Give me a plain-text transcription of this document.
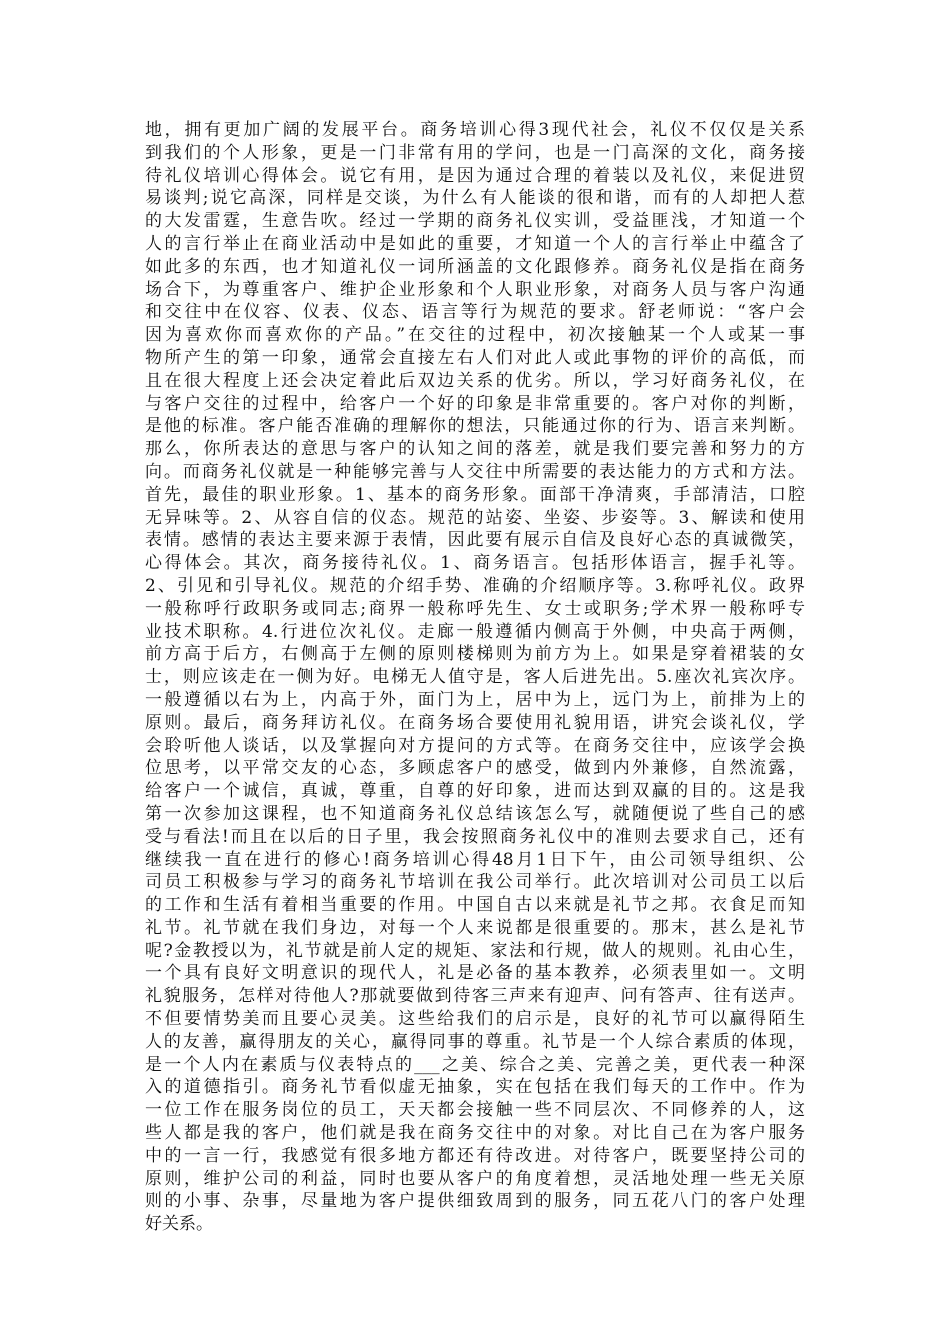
地，拥有更加广阔的发展平台。商务培训心得3现代社会，礼仪不仅仅是关系
到我们的个人形象，更是一门非常有用的学问，也是一门高深的文化，商务接
待礼仪培训心得体会。说它有用，是因为通过合理的着装以及礼仪，来促进贸
易谈判;说它高深，同样是交谈，为什么有人能谈的很和谐，而有的人却把人惹
的大发雷霆，生意告吹。经过一学期的商务礼仪实训，受益匪浅，才知道一个
人的言行举止在商业活动中是如此的重要，才知道一个人的言行举止中蕴含了
如此多的东西，也才知道礼仪一词所涵盖的文化跟修养。商务礼仪是指在商务
场合下，为尊重客户、维护企业形象和个人职业形象，对商务人员与客户沟通
和交往中在仪容、仪表、仪态、语言等行为规范的要求。舒老师说：“客户会
因为喜欢你而喜欢你的产品。”在交往的过程中，初次接触某一个人或某一事
物所产生的第一印象，通常会直接左右人们对此人或此事物的评价的高低，而
且在很大程度上还会决定着此后双边关系的优劣。所以，学习好商务礼仪，在
与客户交往的过程中，给客户一个好的印象是非常重要的。客户对你的判断，
是他的标准。客户能否准确的理解你的想法，只能通过你的行为、语言来判断。
那么，你所表达的意思与客户的认知之间的落差，就是我们要完善和努力的方
向。而商务礼仪就是一种能够完善与人交往中所需要的表达能力的方式和方法。
首先，最佳的职业形象。1、基本的商务形象。面部干净清爽，手部清洁，口腔
无异味等。2、从容自信的仪态。规范的站姿、坐姿、步姿等。3、解读和使用
表情。感情的表达主要来源于表情，因此要有展示自信及良好心态的真诚微笑，
心得体会。其次，商务接待礼仪。1、商务语言。包括形体语言，握手礼等。
2、引见和引导礼仪。规范的介绍手势、准确的介绍顺序等。3.称呼礼仪。政界
一般称呼行政职务或同志;商界一般称呼先生、女士或职务;学术界一般称呼专
业技术职称。4.行进位次礼仪。走廊一般遵循内侧高于外侧，中央高于两侧，
前方高于后方，右侧高于左侧的原则楼梯则为前方为上。如果是穿着裙装的女
士，则应该走在一侧为好。电梯无人值守是，客人后进先出。5.座次礼宾次序。
一般遵循以右为上，内高于外，面门为上，居中为上，远门为上，前排为上的
原则。最后，商务拜访礼仪。在商务场合要使用礼貌用语，讲究会谈礼仪，学
会聆听他人谈话，以及掌握向对方提问的方式等。在商务交往中，应该学会换
位思考，以平常交友的心态，多顾虑客户的感受，做到内外兼修，自然流露，
给客户一个诚信，真诚，尊重，自尊的好印象，进而达到双赢的目的。这是我
第一次参加这课程，也不知道商务礼仪总结该怎么写，就随便说了些自己的感
受与看法!而且在以后的日子里，我会按照商务礼仪中的准则去要求自己，还有
继续我一直在进行的修心!商务培训心得48月1日下午，由公司领导组织、公
司员工积极参与学习的商务礼节培训在我公司举行。此次培训对公司员工以后
的工作和生活有着相当重要的作用。中国自古以来就是礼节之邦。衣食足而知
礼节。礼节就在我们身边，对每一个人来说都是很重要的。那末，甚么是礼节
呢?金教授以为，礼节就是前人定的规矩、家法和行规，做人的规则。礼由心生，
一个具有良好文明意识的现代人，礼是必备的基本教养，必须表里如一。文明
礼貌服务，怎样对待他人?那就要做到待客三声来有迎声、问有答声、往有送声。
不但要情势美而且要心灵美。这些给我们的启示是，良好的礼节可以赢得陌生
人的友善，赢得朋友的关心，赢得同事的尊重。礼节是一个人综合素质的体现，
是一个人内在素质与仪表特点的___之美、综合之美、完善之美，更代表一种深
入的道德指引。商务礼节看似虚无抽象，实在包括在我们每天的工作中。作为
一位工作在服务岗位的员工，天天都会接触一些不同层次、不同修养的人，这
些人都是我的客户，他们就是我在商务交往中的对象。对比自己在为客户服务
中的一言一行，我感觉有很多地方都还有待改进。对待客户，既要坚持公司的
原则，维护公司的利益，同时也要从客户的角度着想，灵活地处理一些无关原
则的小事、杂事，尽量地为客户提供细致周到的服务，同五花八门的客户处理
好关系。
